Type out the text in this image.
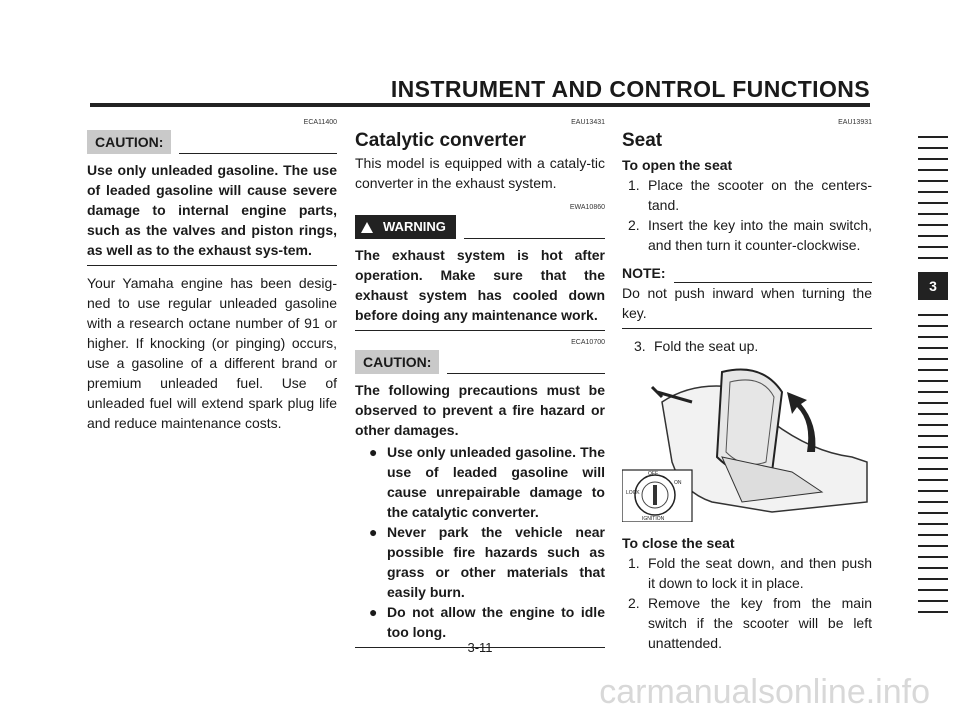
INSTRUMENT AND CONTROL FUNCTIONS
3
ECA11400
CAUTION:
Use only unleaded gasoline. The use of leaded gasoline will cause severe damage to internal engine parts, such as the valves and piston rings, as well as to the exhaust sys-tem.
Your Yamaha engine has been desig-ned to use regular unleaded gasoline with a research octane number of 91 or higher. If knocking (or pinging) occurs, use a gasoline of a different brand or premium unleaded fuel. Use of unleaded fuel will extend spark plug life and reduce maintenance costs.
EAU13431
Catalytic converter
This model is equipped with a cataly-tic converter in the exhaust system.
EWA10860
WARNING
The exhaust system is hot after operation. Make sure that the exhaust system has cooled down before doing any maintenance work.
ECA10700
CAUTION:
The following precautions must be observed to prevent a fire hazard or other damages.
● Use only unleaded gasoline. The use of leaded gasoline will cause unrepairable damage to the catalytic converter.
● Never park the vehicle near possible fire hazards such as grass or other materials that easily burn.
● Do not allow the engine to idle too long.
EAU13931
Seat
To open the seat
1. Place the scooter on the centers-tand.
2. Insert the key into the main switch, and then turn it counter-clockwise.
NOTE:
Do not push inward when turning the key.
3. Fold the seat up.
LOCK
OFF
ON
IGNITION
To close the seat
1. Fold the seat down, and then push it down to lock it in place.
2. Remove the key from the main switch if the scooter will be left unattended.
3-11
carmanualsonline.info
